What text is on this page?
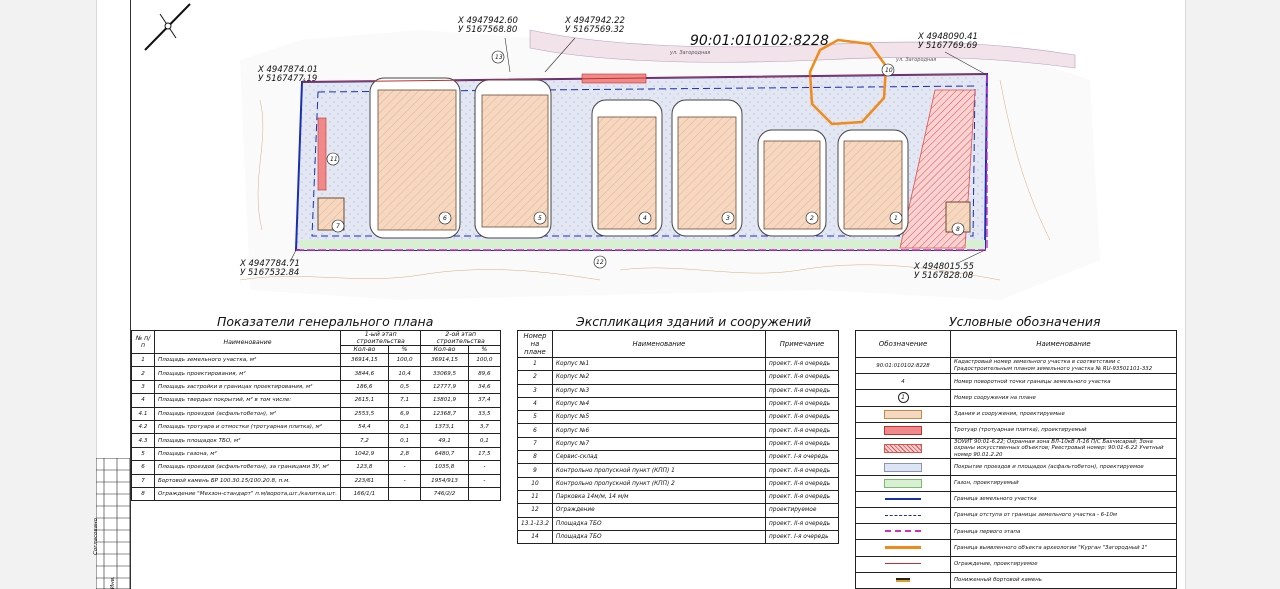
13
10
11
12
7	8
6	5	4	3	2	1
X 4947942.60
У 5167568.80
X 4947942.22
У 5167569.32
X 4948090.41
У 5167769.69
X 4947874.01
У 5167477.19
X 4947784.71
У 5167532.84
X 4948015.55
У 5167828.08
90:01:010102:8228
ул. Загородная
ул. Загородная
Показатели генерального плана	Экспликация зданий и сооружений	Условные обозначения
№ п/п	Наименование	1-ый этап строительства		2-ой этап строительства	
		Кол-во	%	Кол-во	%
1	Площадь земельного участка, м²	36914,15	100,0	36914,15	100,0
2	Площадь проектирования, м²	3844,6	10,4	33069,5	89,6
3	Площадь застройки в границах проектирования, м²	186,6	0,5	12777,9	34,6
4	Площадь твердых покрытий, м² в том числе:	2615,1	7,1	13801,9	37,4
4.1	Площадь проездов (асфальтобетон), м²	2553,5	6,9	12368,7	33,5
4.2	Площадь тротуара и отмостки (тротуарная плитка), м²	54,4	0,1	1373,1	3,7
4.3	Площадь площадок ТБО, м²	7,2	0,1	49,1	0,1
5	Площадь газона, м²	1042,9	2,8	6480,7	17,5
6	Площадь проездов (асфальтобетон), за границами ЗУ, м²	123,8	-	1035,8	-
7	Бортовой камень БР 100.30.15/100.20.8, п.м.	223/61	-	1954/913	-
8	Ограждение "Мехзон-стандарт" п.м/ворота,шт./калитка,шт.	166/1/1		746/2/2	
Номер на плане	Наименование	Примечание
1	Корпус №1	проект. II-я очередь
2	Корпус №2	проект. II-я очередь
3	Корпус №3	проект. II-я очередь
4	Корпус №4	проект. II-я очередь
5	Корпус №5	проект. II-я очередь
6	Корпус №6	проект. II-я очередь
7	Корпус №7	проект. II-я очередь
8	Сервис-склад	проект. I-я очередь
9	Контрольно пропускной пункт (КПП) 1	проект. II-я очередь
10	Контрольно пропускной пункт (КПП) 2	проект. II-я очередь
11	Парковка 14м/м, 14 м/м	проект. II-я очередь
12	Ограждение	проектируемое
13.1-13.2	Площадка ТБО	проект. II-я очередь
14	Площадка ТБО	проект. I-я очередь
Обозначение	Наименование
90:01:010102:8228	Кадастровый номер земельного участка в соответствии с Градостроительным планом земельного участка № RU-93501101-332
4	Номер поворотной точки границы земельного участка
1	Номер сооружения на плане
	Здания и сооружения, проектируемые
	Тротуар (тротуарная плитка), проектируемый
	ЗОУИТ 90:01-6.22; Охранная зона ВЛ-10кВ Л-16 П/С Бахчисарай; Зона охраны искусственных объектов; Реестровый номер: 90:01-6.22 Учетный номер 90.01.2.20
	Покрытие проездов и площадок (асфальтобетон), проектируемое
	Газон, проектируемый
	Граница земельного участка
	Граница отступа от границы земельного участка - 6-10м
	Граница первого этапа
	Граница выявленного объекта археологии "Курган "Загородный 1"
	Ограждение, проектируемое
	Пониженный бортовой камень
Согласовано
Инв.
